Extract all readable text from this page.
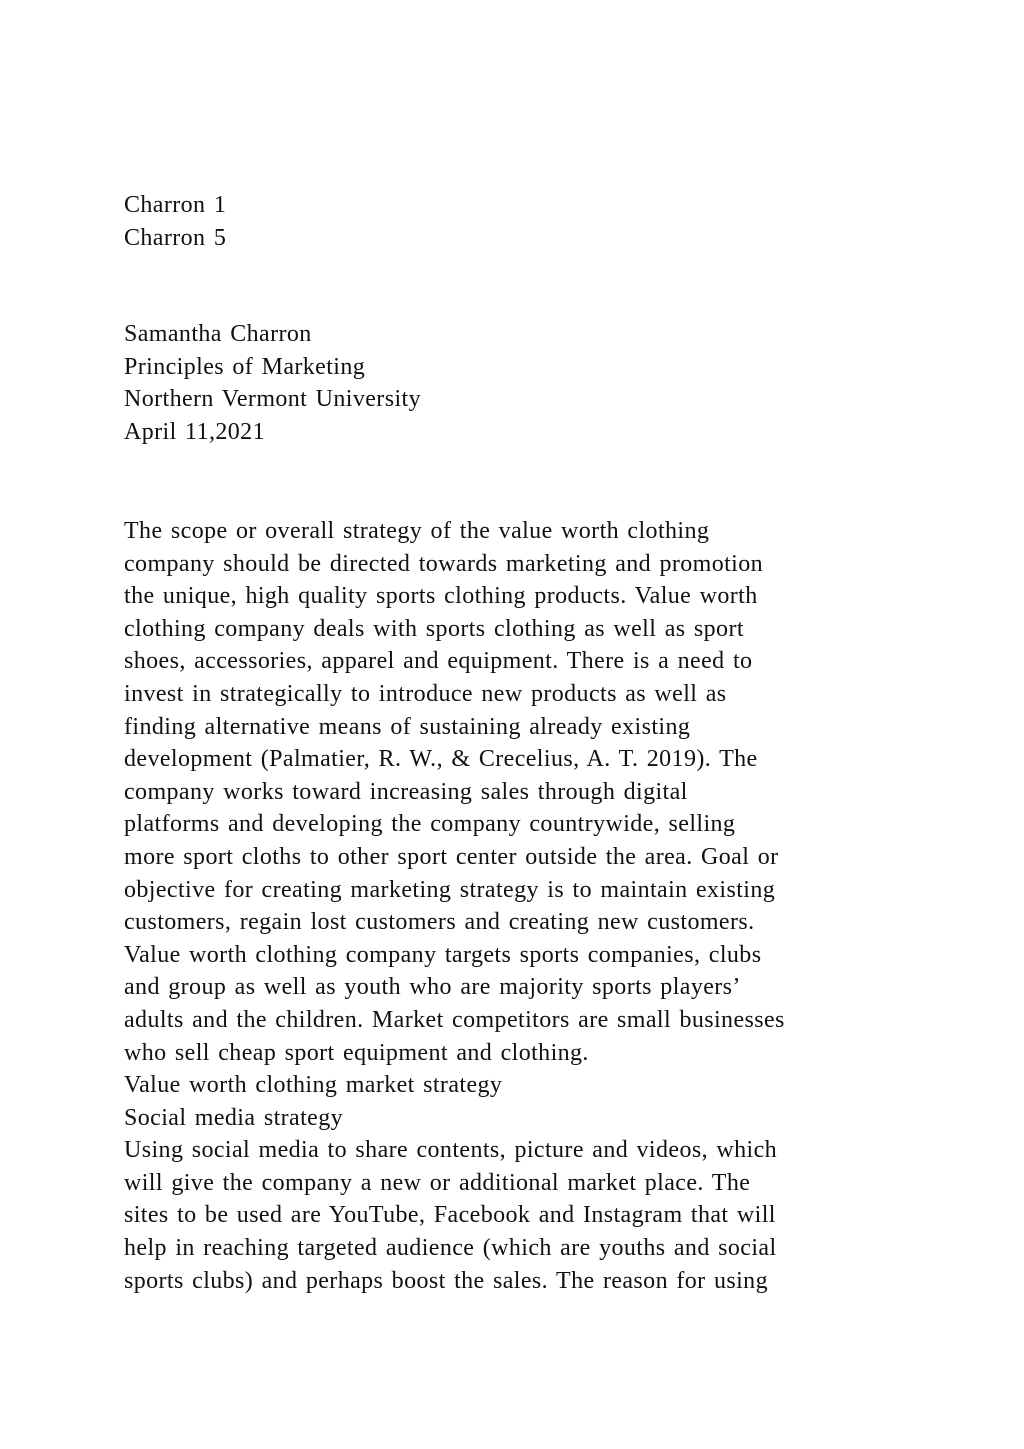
Charron 1
Charron 5
Samantha Charron
Principles of Marketing
Northern Vermont University
April 11,2021
The scope or overall strategy of the value worth clothing
company should be directed towards marketing and promotion
the unique, high quality sports clothing products. Value worth
clothing company deals with sports clothing as well as sport
shoes, accessories, apparel and equipment. There is a need to
invest in strategically to introduce new products as well as
finding alternative means of sustaining already existing
development (Palmatier, R. W., & Crecelius, A. T. 2019). The
company works toward increasing sales through digital
platforms and developing the company countrywide, selling
more sport cloths to other sport center outside the area. Goal or
objective for creating marketing strategy is to maintain existing
customers, regain lost customers and creating new customers.
Value worth clothing company targets sports companies, clubs
and group as well as youth who are majority sports players’
adults and the children. Market competitors are small businesses
who sell cheap sport equipment and clothing.
Value worth clothing market strategy
Social media strategy
Using social media to share contents, picture and videos, which
will give the company a new or additional market place. The
sites to be used are YouTube, Facebook and Instagram that will
help in reaching targeted audience (which are youths and social
sports clubs) and perhaps boost the sales. The reason for using
